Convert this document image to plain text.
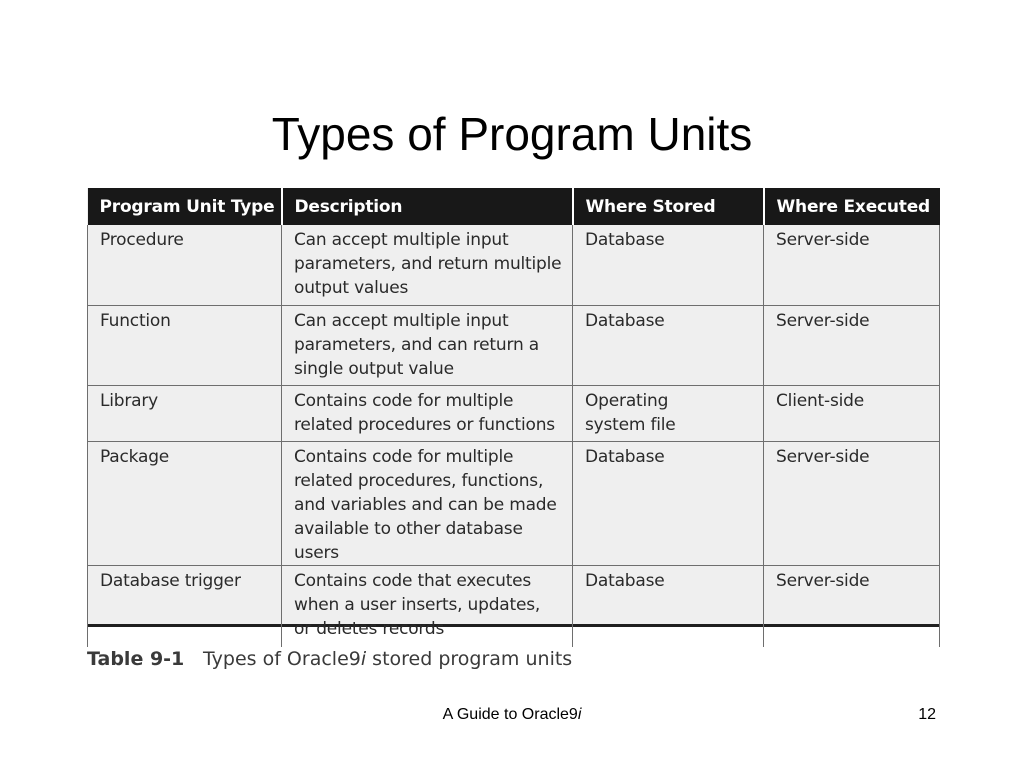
Types of Program Units
Program Unit Type	Description	Where Stored	Where Executed
Procedure	Can accept multiple input
parameters, and return multiple
output values	Database	Server-side
Function	Can accept multiple input
parameters, and can return a
single output value	Database	Server-side
Library	Contains code for multiple
related procedures or functions	Operating
system file	Client-side
Package	Contains code for multiple
related procedures, functions,
and variables and can be made
available to other database users	Database	Server-side
Database trigger	Contains code that executes
when a user inserts, updates,
or deletes records	Database	Server-side
Table 9-1 Types of Oracle9i stored program units
A Guide to Oracle9i	12
